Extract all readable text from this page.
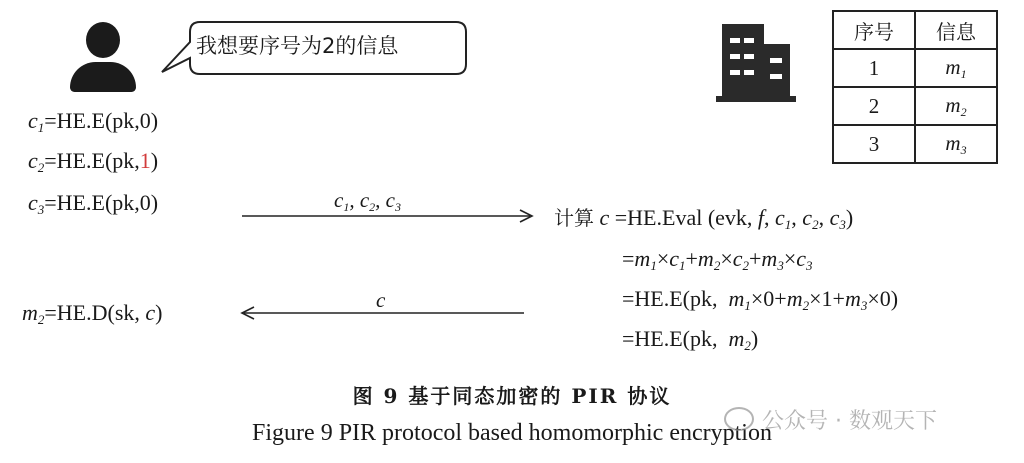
我想要序号为2的信息
$c_1=HE.E(pk,0)$
$c_2=HE.E(pk,1)$
$c_3=HE.E(pk,0)$	$c_1$, $c_2$, $c_3$
c
$m_2=HE.D(sk$, c)
计算 c =HE.Eval (evk, f, $c_1$, $c_2$, $c_3$)
$=m_1\times c_1+m_2\times c_2+m_3\times c_3$
=HE.E(pk,  $m_1\times 0+m_2\times 1+m_3\times 0$)
=HE.E(pk,  $m_2$)
序号	信息
1	$m_1$
2	$m_2$
3	$m_3$
图 9 基于同态加密的 PIR 协议
Figure 9 PIR protocol based homomorphic encryption
公众号 · 数观天下
